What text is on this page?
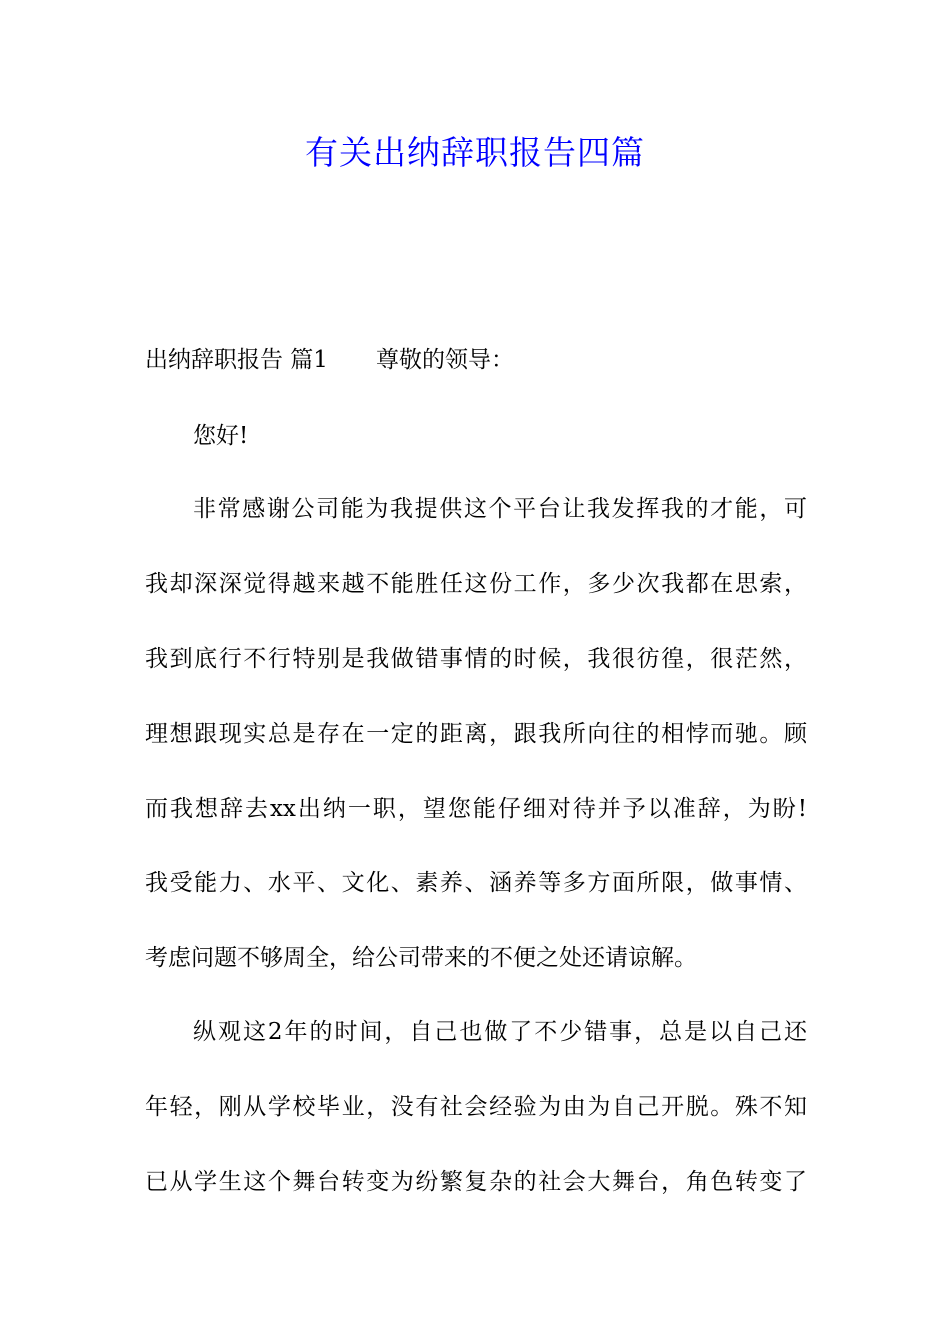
有关出纳辞职报告四篇
出纳辞职报告 篇1 尊敬的领导：
您好!
非常感谢公司能为我提供这个平台让我发挥我的才能，可
我却深深觉得越来越不能胜任这份工作，多少次我都在思索，
我到底行不行特别是我做错事情的时候，我很彷徨，很茫然，
理想跟现实总是存在一定的距离，跟我所向往的相悖而驰。顾
而我想辞去xx出纳一职，望您能仔细对待并予以准辞，为盼!
我受能力、水平、文化、素养、涵养等多方面所限，做事情、
考虑问题不够周全，给公司带来的不便之处还请谅解。
纵观这2年的时间，自己也做了不少错事，总是以自己还
年轻，刚从学校毕业，没有社会经验为由为自己开脱。殊不知
已从学生这个舞台转变为纷繁复杂的社会大舞台，角色转变了
